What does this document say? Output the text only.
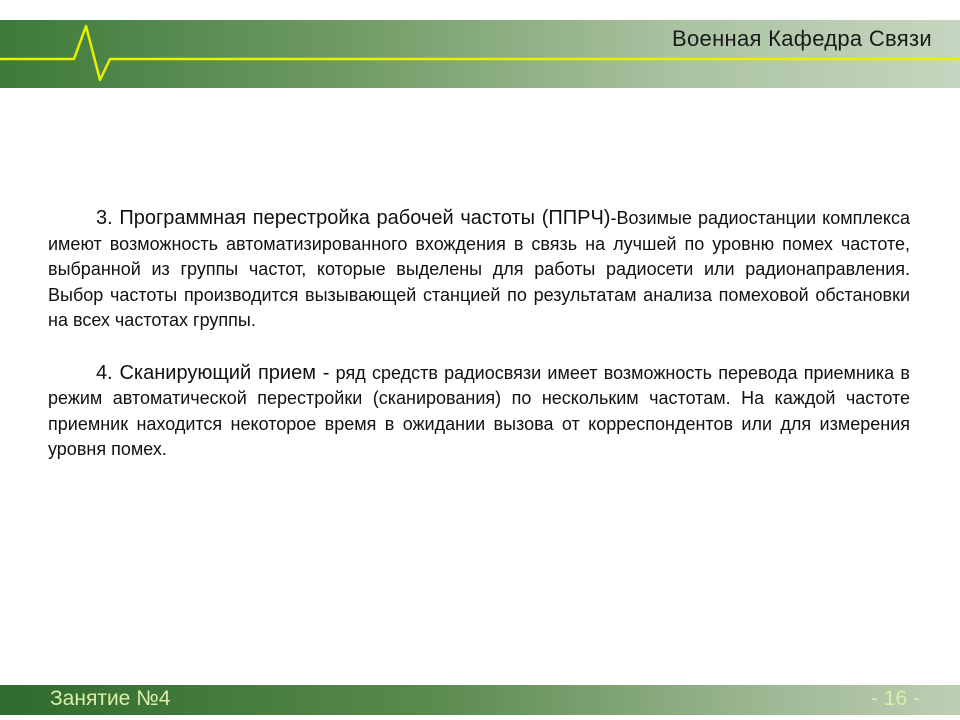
Военная Кафедра Связи

3. Программная перестройка рабочей частоты (ППРЧ)-Возимые радиостанции комплекса имеют возможность автоматизированного вхождения в связь на лучшей по уровню помех частоте, выбранной из группы частот, которые выделены для работы радиосети или радионаправления. Выбор частоты производится вызывающей станцией по результатам анализа помеховой обстановки на всех частотах группы.

4. Сканирующий прием - ряд средств радиосвязи имеет возможность перевода приемника в режим автоматической перестройки (сканирования) по нескольким частотам. На каждой частоте приемник находится некоторое время в ожидании вызова от корреспондентов или для измерения уровня помех.

Занятие №4	- 16 -
